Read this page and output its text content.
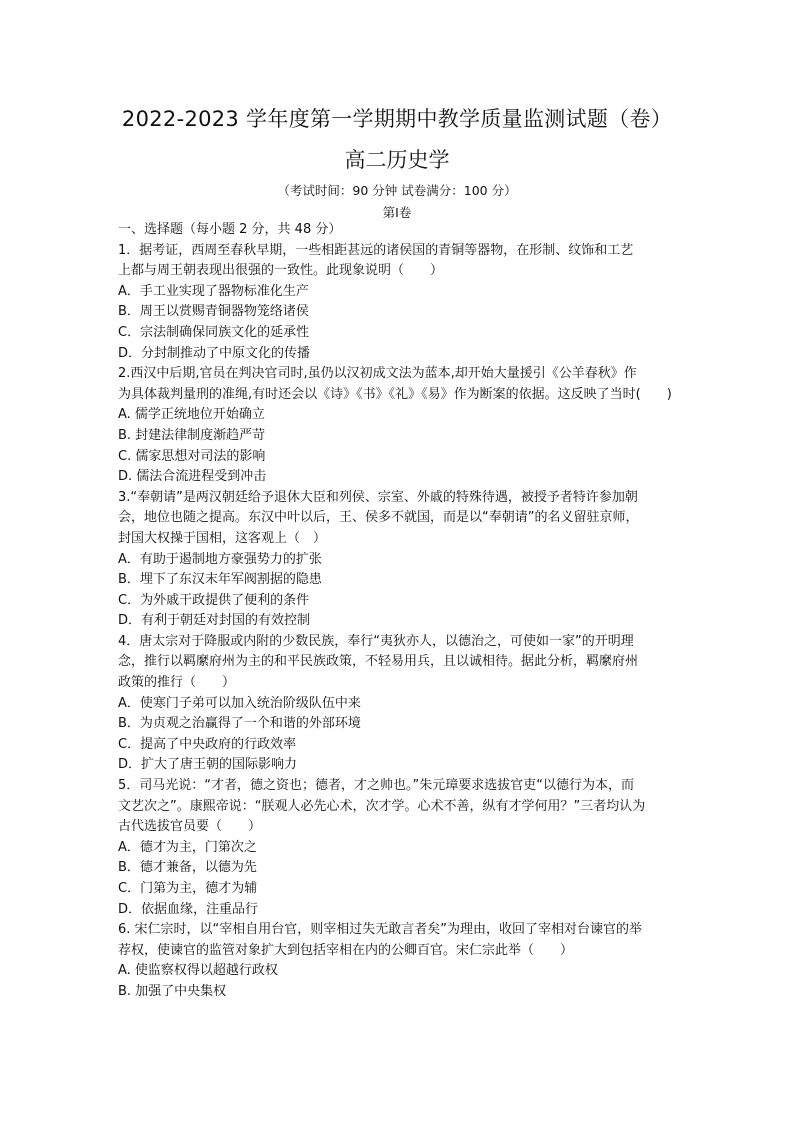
2022-2023 学年度第一学期期中教学质量监测试题（卷）
高二历史学
（考试时间：90 分钟 试卷满分：100 分）
第Ⅰ卷
一、选择题（每小题 2 分，共 48 分）
1．据考证，西周至春秋早期，一些相距甚远的诸侯国的青铜等器物，在形制、纹饰和工艺
上都与周王朝表现出很强的一致性。此现象说明（　　）
A．手工业实现了器物标准化生产
B．周王以赏赐青铜器物笼络诸侯
C．宗法制确保同族文化的延承性
D．分封制推动了中原文化的传播
2.西汉中后期,官员在判决官司时,虽仍以汉初成文法为蓝本,却开始大量援引《公羊春秋》作
为具体裁判量刑的准绳,有时还会以《诗》《书》《礼》《易》作为断案的依据。这反映了当时(　　)
A. 儒学正统地位开始确立
B. 封建法律制度渐趋严苛
C. 儒家思想对司法的影响
D. 儒法合流进程受到冲击
3.“奉朝请”是两汉朝廷给予退休大臣和列侯、宗室、外戚的特殊待遇，被授予者特许参加朝
会，地位也随之提高。东汉中叶以后，王、侯多不就国，而是以“奉朝请”的名义留驻京师，
封国大权操于国相，这客观上（　）
A．有助于遏制地方豪强势力的扩张
B．埋下了东汉末年军阀割据的隐患
C．为外戚干政提供了便利的条件
D．有利于朝廷对封国的有效控制
4．唐太宗对于降服或内附的少数民族，奉行“夷狄亦人，以德治之，可使如一家”的开明理
念，推行以羁縻府州为主的和平民族政策，不轻易用兵，且以诚相待。据此分析，羁縻府州
政策的推行（　　）
A．使寒门子弟可以加入统治阶级队伍中来
B．为贞观之治赢得了一个和谐的外部环境
C．提高了中央政府的行政效率
D．扩大了唐王朝的国际影响力
5．司马光说：“才者，德之资也；德者，才之帅也。”朱元璋要求选拔官吏“以德行为本，而
文艺次之”。康熙帝说：“朕观人必先心术，次才学。心术不善，纵有才学何用？”三者均认为
古代选拔官员要（　　）
A．德才为主，门第次之
B．德才兼备，以德为先
C．门第为主，德才为辅
D．依据血缘，注重品行
6. 宋仁宗时，以“宰相自用台官，则宰相过失无敢言者矣”为理由，收回了宰相对台谏官的举
荐权，使谏官的监管对象扩大到包括宰相在内的公卿百官。宋仁宗此举（　　）
A. 使监察权得以超越行政权
B. 加强了中央集权
